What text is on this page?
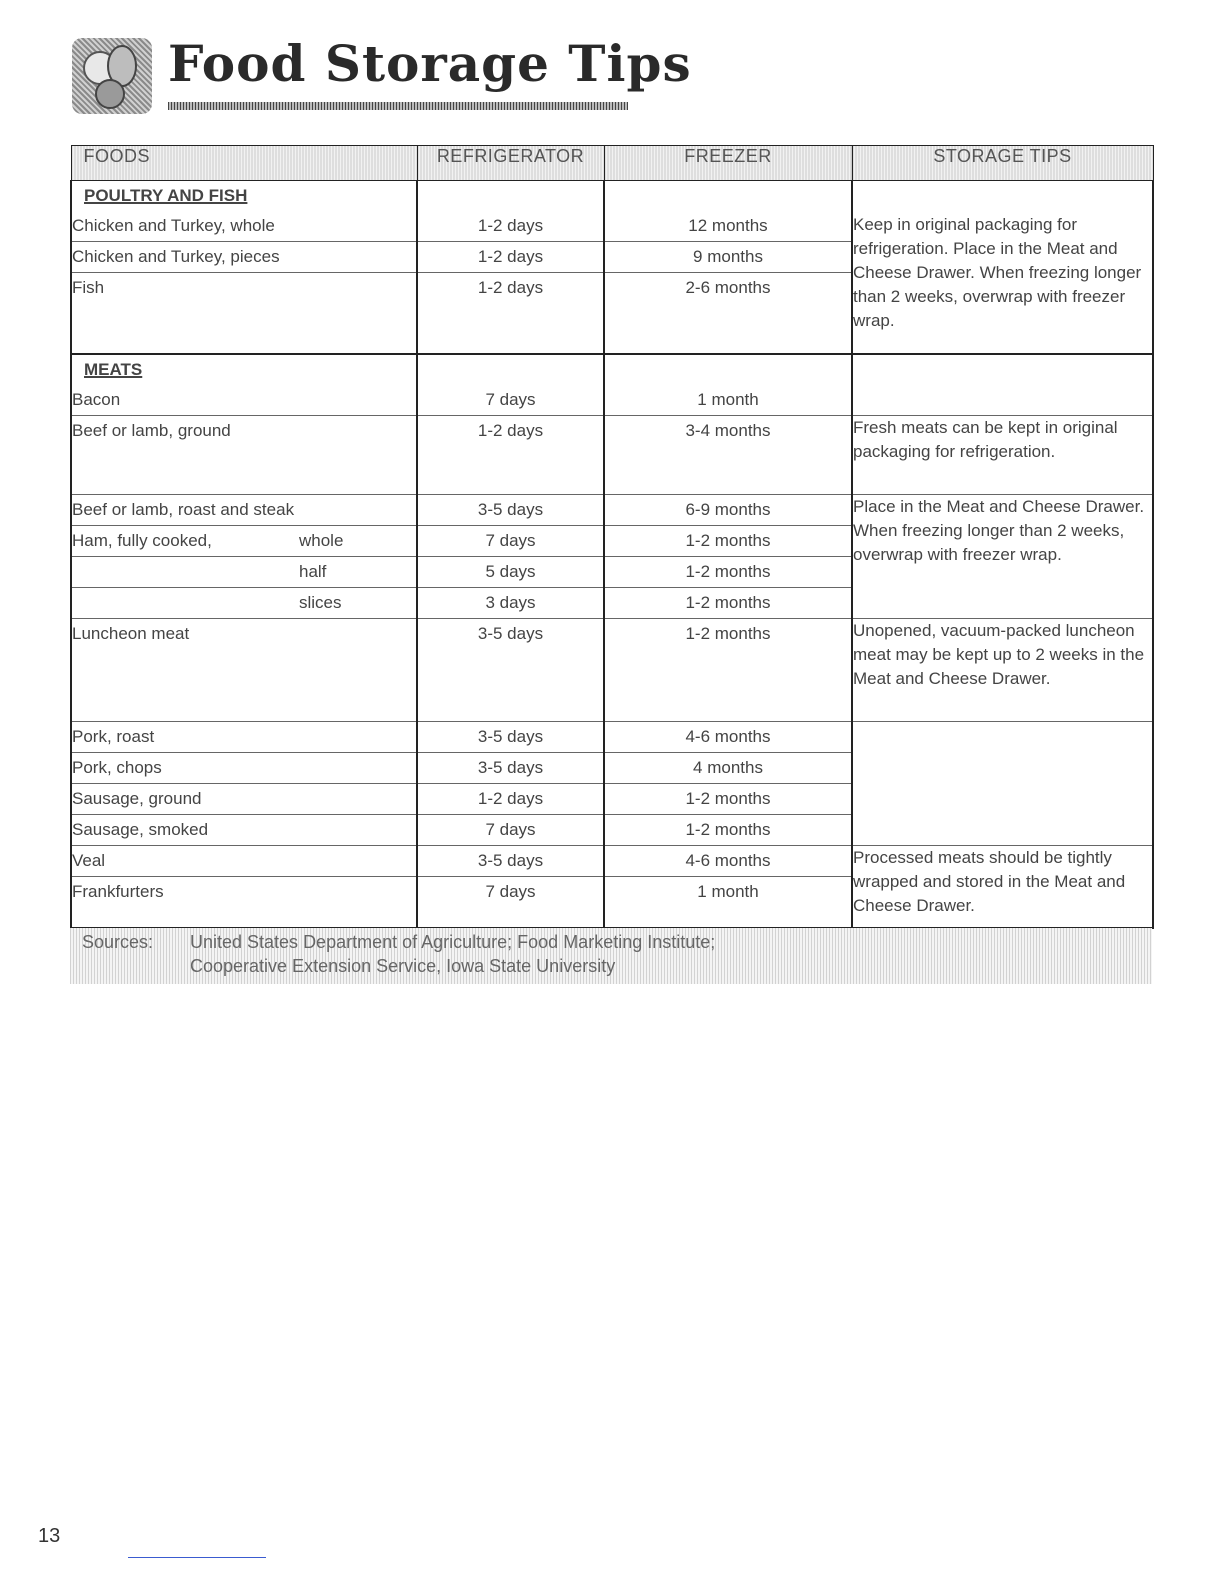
Food Storage Tips
FOODS	REFRIGERATOR	FREEZER	STORAGE TIPS
POULTRY AND FISH			Keep in original packaging for refrigeration. Place in the Meat and Cheese Drawer. When freezing longer than 2 weeks, overwrap with freezer wrap.
Chicken and Turkey, whole	1-2 days	12 months	
Chicken and Turkey, pieces	1-2 days	9 months	
Fish	1-2 days	2-6 months	
MEATS			
Bacon	7 days	1 month	
Beef or lamb, ground	1-2 days	3-4 months	Fresh meats can be kept in original packaging for refrigeration.
Beef or lamb, roast and steak	3-5 days	6-9 months	Place in the Meat and Cheese Drawer. When freezing longer than 2 weeks, overwrap with freezer wrap.
Ham, fully cooked, whole	7 days	1-2 months	

half	5 days	1-2 months	

slices	3 days	1-2 months	
Luncheon meat	3-5 days	1-2 months	Unopened, vacuum-packed luncheon meat may be kept up to 2 weeks in the Meat and Cheese Drawer.
Pork, roast	3-5 days	4-6 months	
Pork, chops	3-5 days	4 months	
Sausage, ground	1-2 days	1-2 months	
Sausage, smoked	7 days	1-2 months	
Veal	3-5 days	4-6 months	Processed meats should be tightly wrapped and stored in the Meat and Cheese Drawer.
Frankfurters	7 days	1 month	
Sources: United States Department of Agriculture; Food Marketing Institute;
Cooperative Extension Service, Iowa State University
13
